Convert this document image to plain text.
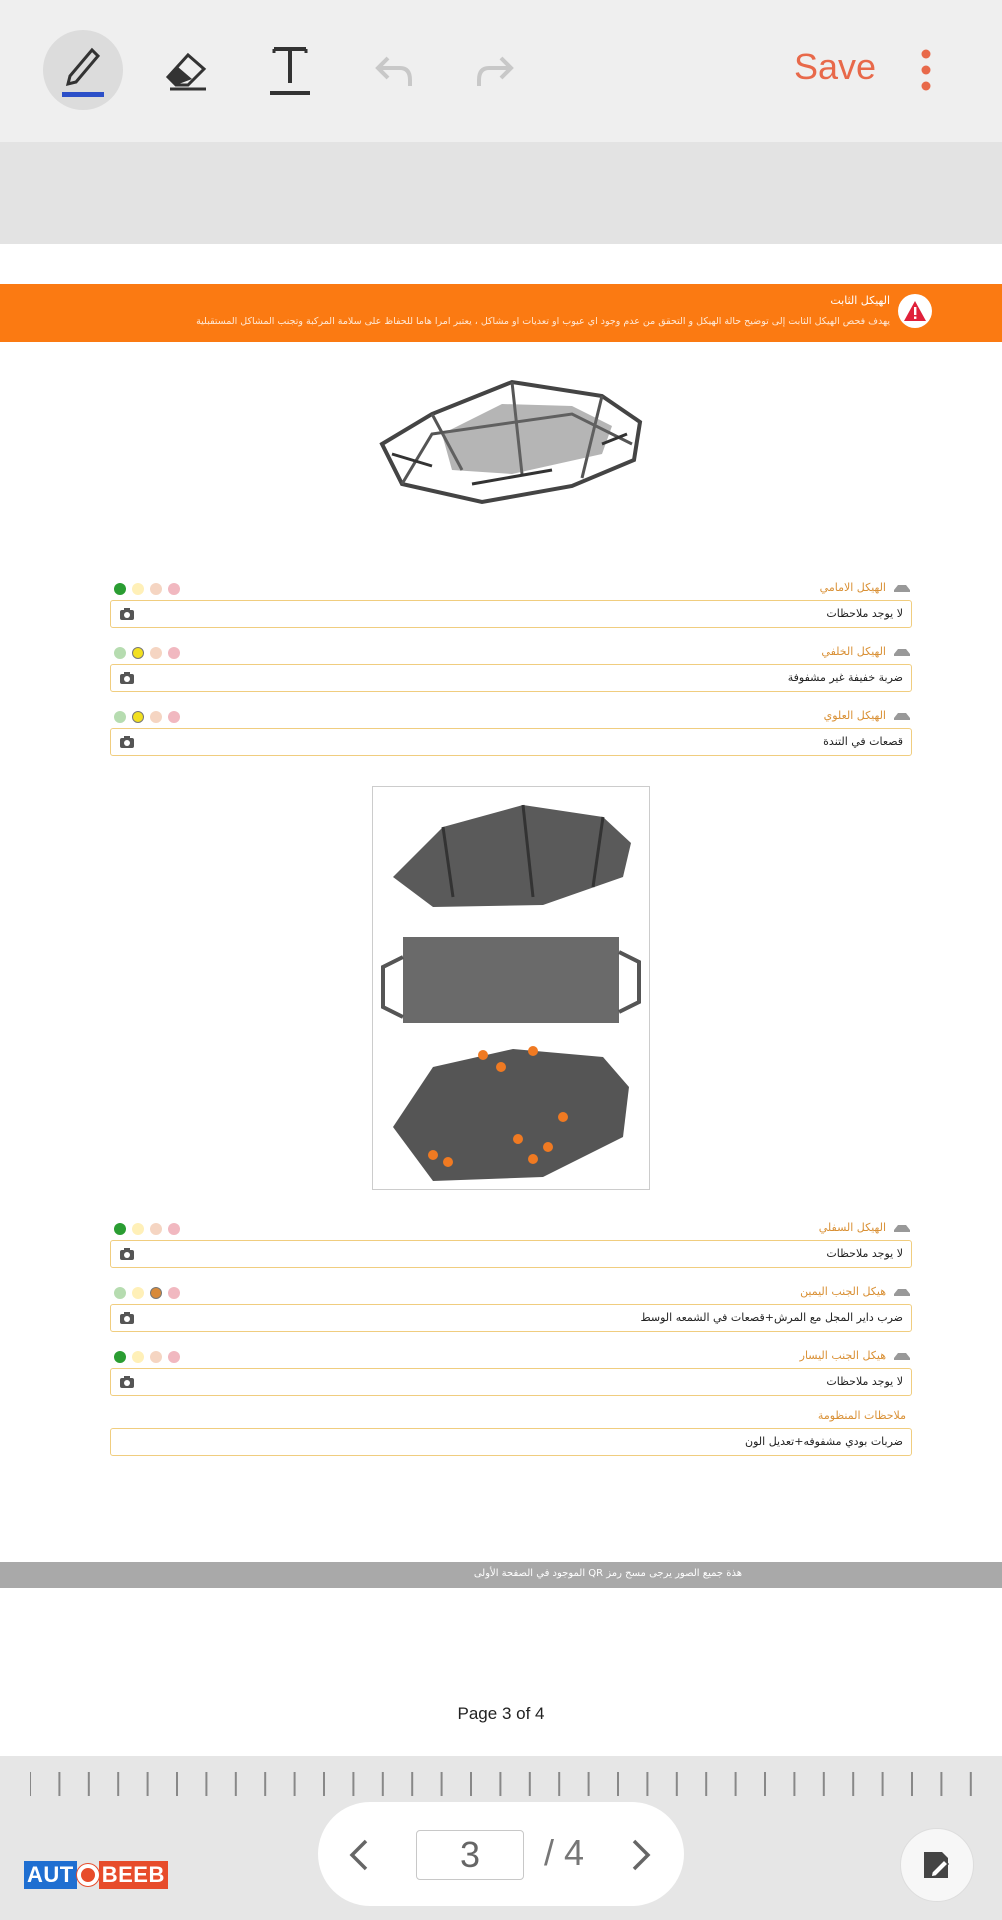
Save
الهيكل الثابت
يهدف فحص الهيكل الثابت إلى توضيح حالة الهيكل و التحقق من عدم وجود اي عيوب او تعديات او مشاكل ، يعتبر امرا هاما للحفاظ على سلامة المركبة وتجنب المشاكل المستقبلية
الهيكل الامامي
لا يوجد ملاحظات
الهيكل الخلفي
ضربة خفيفة غير مشفوفة
الهيكل العلوي
قصعات في التندة
الهيكل السفلي
لا يوجد ملاحظات
هيكل الجنب اليمين
ضرب داير المجل مع المرش+قصعات في الشمعه الوسط
هيكل الجنب اليسار
لا يوجد ملاحظات
ملاحظات المنظومة
ضربات بودي مشفوفه+تعديل الون
هذة جميع الصور يرجى مسح رمز QR الموجود في الصفحة الأولى
Page 3 of 4
3	/ 4
AUT BEEB
